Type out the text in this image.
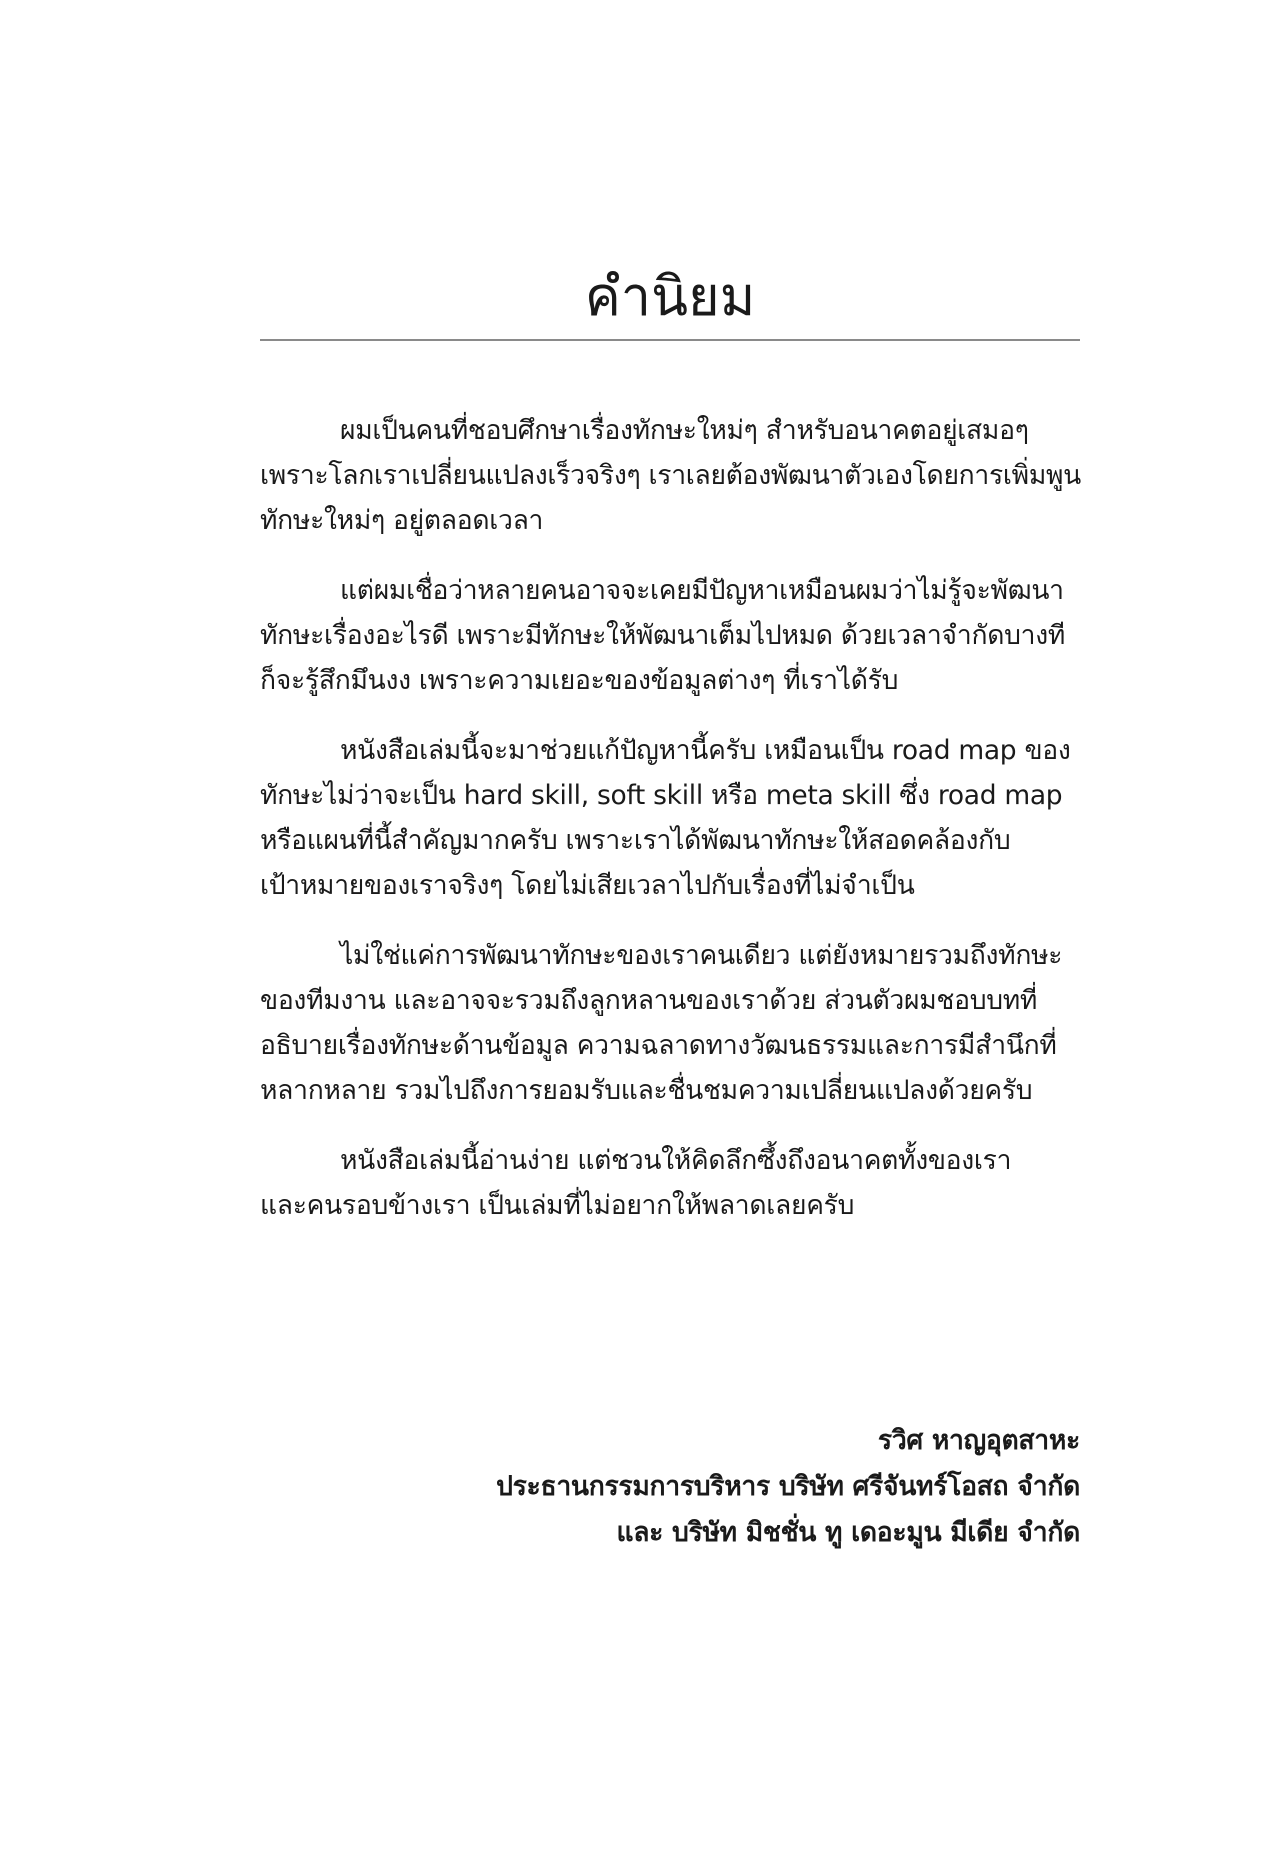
คำนิยม

ผมเป็นคนที่ชอบศึกษาเรื่องทักษะใหม่ๆ สำหรับอนาคตอยู่เสมอๆ
เพราะโลกเราเปลี่ยนแปลงเร็วจริงๆ เราเลยต้องพัฒนาตัวเองโดยการเพิ่มพูน
ทักษะใหม่ๆ อยู่ตลอดเวลา

แต่ผมเชื่อว่าหลายคนอาจจะเคยมีปัญหาเหมือนผมว่าไม่รู้จะพัฒนา
ทักษะเรื่องอะไรดี เพราะมีทักษะให้พัฒนาเต็มไปหมด ด้วยเวลาจำกัดบางที
ก็จะรู้สึกมึนงง เพราะความเยอะของข้อมูลต่างๆ ที่เราได้รับ

หนังสือเล่มนี้จะมาช่วยแก้ปัญหานี้ครับ เหมือนเป็น road map ของ
ทักษะไม่ว่าจะเป็น hard skill, soft skill หรือ meta skill ซึ่ง road map
หรือแผนที่นี้สำคัญมากครับ เพราะเราได้พัฒนาทักษะให้สอดคล้องกับ
เป้าหมายของเราจริงๆ โดยไม่เสียเวลาไปกับเรื่องที่ไม่จำเป็น

ไม่ใช่แค่การพัฒนาทักษะของเราคนเดียว แต่ยังหมายรวมถึงทักษะ
ของทีมงาน และอาจจะรวมถึงลูกหลานของเราด้วย ส่วนตัวผมชอบบทที่
อธิบายเรื่องทักษะด้านข้อมูล ความฉลาดทางวัฒนธรรมและการมีสำนึกที่
หลากหลาย รวมไปถึงการยอมรับและชื่นชมความเปลี่ยนแปลงด้วยครับ

หนังสือเล่มนี้อ่านง่าย แต่ชวนให้คิดลึกซึ้งถึงอนาคตทั้งของเรา
และคนรอบข้างเรา เป็นเล่มที่ไม่อยากให้พลาดเลยครับ

รวิศ หาญอุตสาหะ
ประธานกรรมการบริหาร บริษัท ศรีจันทร์โอสถ จำกัด
และ บริษัท มิชชั่น ทู เดอะมูน มีเดีย จำกัด
